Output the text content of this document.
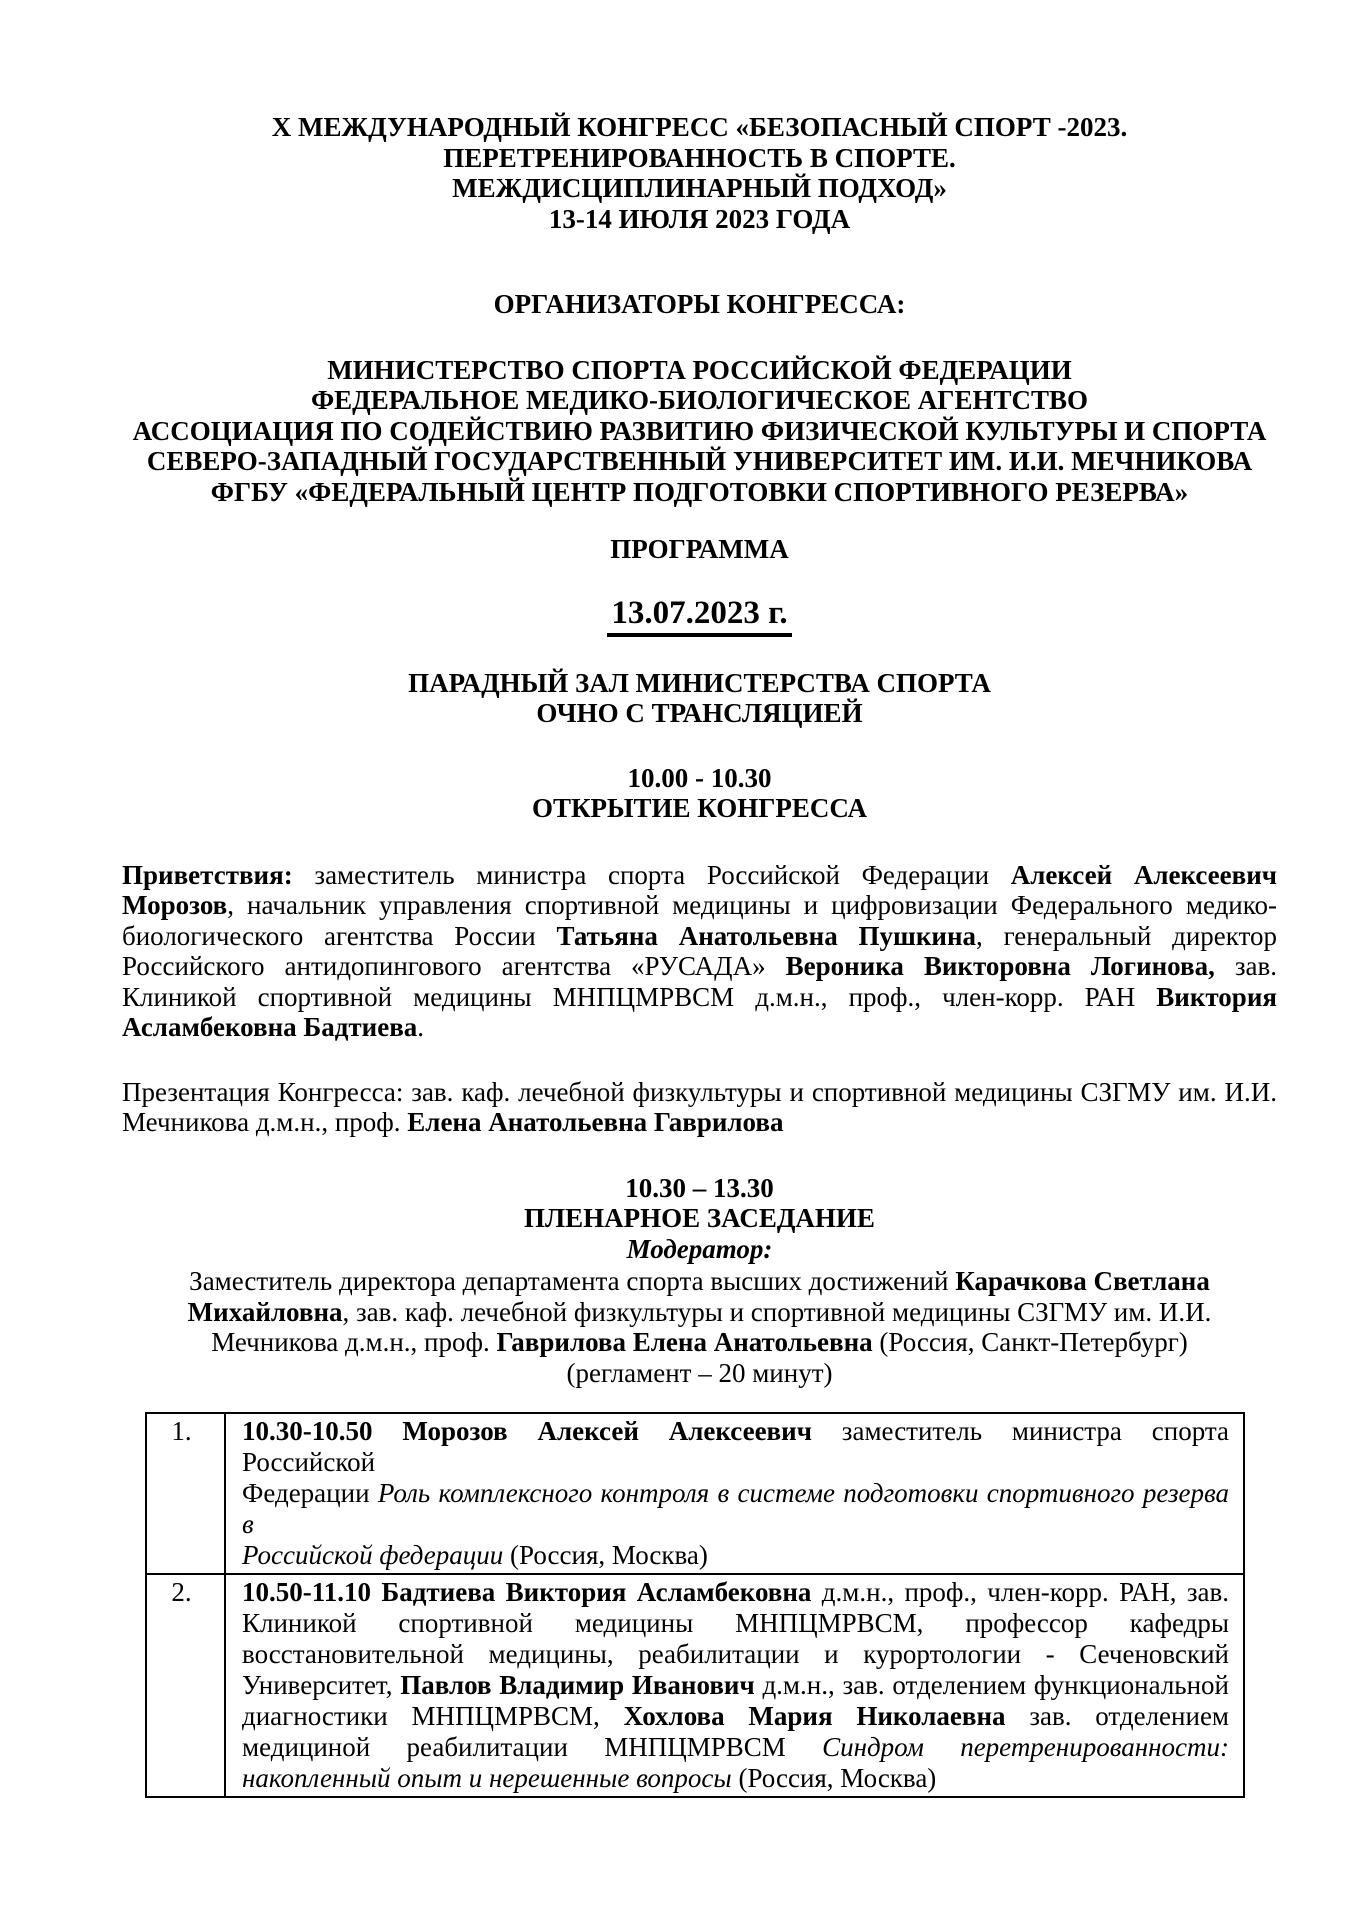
X МЕЖДУНАРОДНЫЙ КОНГРЕСС «БЕЗОПАСНЫЙ СПОРТ -2023.
ПЕРЕТРЕНИРОВАННОСТЬ В СПОРТЕ.
МЕЖДИСЦИПЛИНАРНЫЙ ПОДХОД»
13-14 ИЮЛЯ 2023 ГОДА
ОРГАНИЗАТОРЫ КОНГРЕССА:
МИНИСТЕРСТВО СПОРТА РОССИЙСКОЙ ФЕДЕРАЦИИ
ФЕДЕРАЛЬНОЕ МЕДИКО-БИОЛОГИЧЕСКОЕ АГЕНТСТВО
АССОЦИАЦИЯ ПО СОДЕЙСТВИЮ РАЗВИТИЮ ФИЗИЧЕСКОЙ КУЛЬТУРЫ И СПОРТА
СЕВЕРО-ЗАПАДНЫЙ ГОСУДАРСТВЕННЫЙ УНИВЕРСИТЕТ ИМ. И.И. МЕЧНИКОВА
ФГБУ «ФЕДЕРАЛЬНЫЙ ЦЕНТР ПОДГОТОВКИ СПОРТИВНОГО РЕЗЕРВА»
ПРОГРАММА
13.07.2023 г.
ПАРАДНЫЙ ЗАЛ МИНИСТЕРСТВА СПОРТА
ОЧНО С ТРАНСЛЯЦИЕЙ
10.00 - 10.30
ОТКРЫТИЕ КОНГРЕССА
Приветствия: заместитель министра спорта Российской Федерации Алексей Алексеевич
Морозов, начальник управления спортивной медицины и цифровизации Федерального медико-
биологического агентства России Татьяна Анатольевна Пушкина, генеральный директор
Российского антидопингового агентства «РУСАДА» Вероника Викторовна Логинова, зав.
Клиникой спортивной медицины МНПЦМРВСМ д.м.н., проф., член-корр. РАН Виктория
Асламбековна Бадтиева.
Презентация Конгресса: зав. каф. лечебной физкультуры и спортивной медицины СЗГМУ им. И.И.
Мечникова д.м.н., проф. Елена Анатольевна Гаврилова
10.30 – 13.30
ПЛЕНАРНОЕ ЗАСЕДАНИЕ
Модератор:
Заместитель директора департамента спорта высших достижений Карачкова Светлана
Михайловна, зав. каф. лечебной физкультуры и спортивной медицины СЗГМУ им. И.И.
Мечникова д.м.н., проф. Гаврилова Елена Анатольевна (Россия, Санкт-Петербург)
(регламент – 20 минут)
1.	10.30-10.50 Морозов Алексей Алексеевич заместитель министра спорта Российской
Федерации Роль комплексного контроля в системе подготовки спортивного резерва в
Российской федерации (Россия, Москва)

2.	10.50-11.10 Бадтиева Виктория Асламбековна д.м.н., проф., член-корр. РАН, зав.
Клиникой спортивной медицины МНПЦМРВСМ, профессор кафедры
восстановительной медицины, реабилитации и курортологии - Сеченовский
Университет, Павлов Владимир Иванович д.м.н., зав. отделением функциональной
диагностики МНПЦМРВСМ, Хохлова Мария Николаевна зав. отделением
медициной реабилитации МНПЦМРВСМ Синдром перетренированности:
накопленный опыт и нерешенные вопросы (Россия, Москва)
